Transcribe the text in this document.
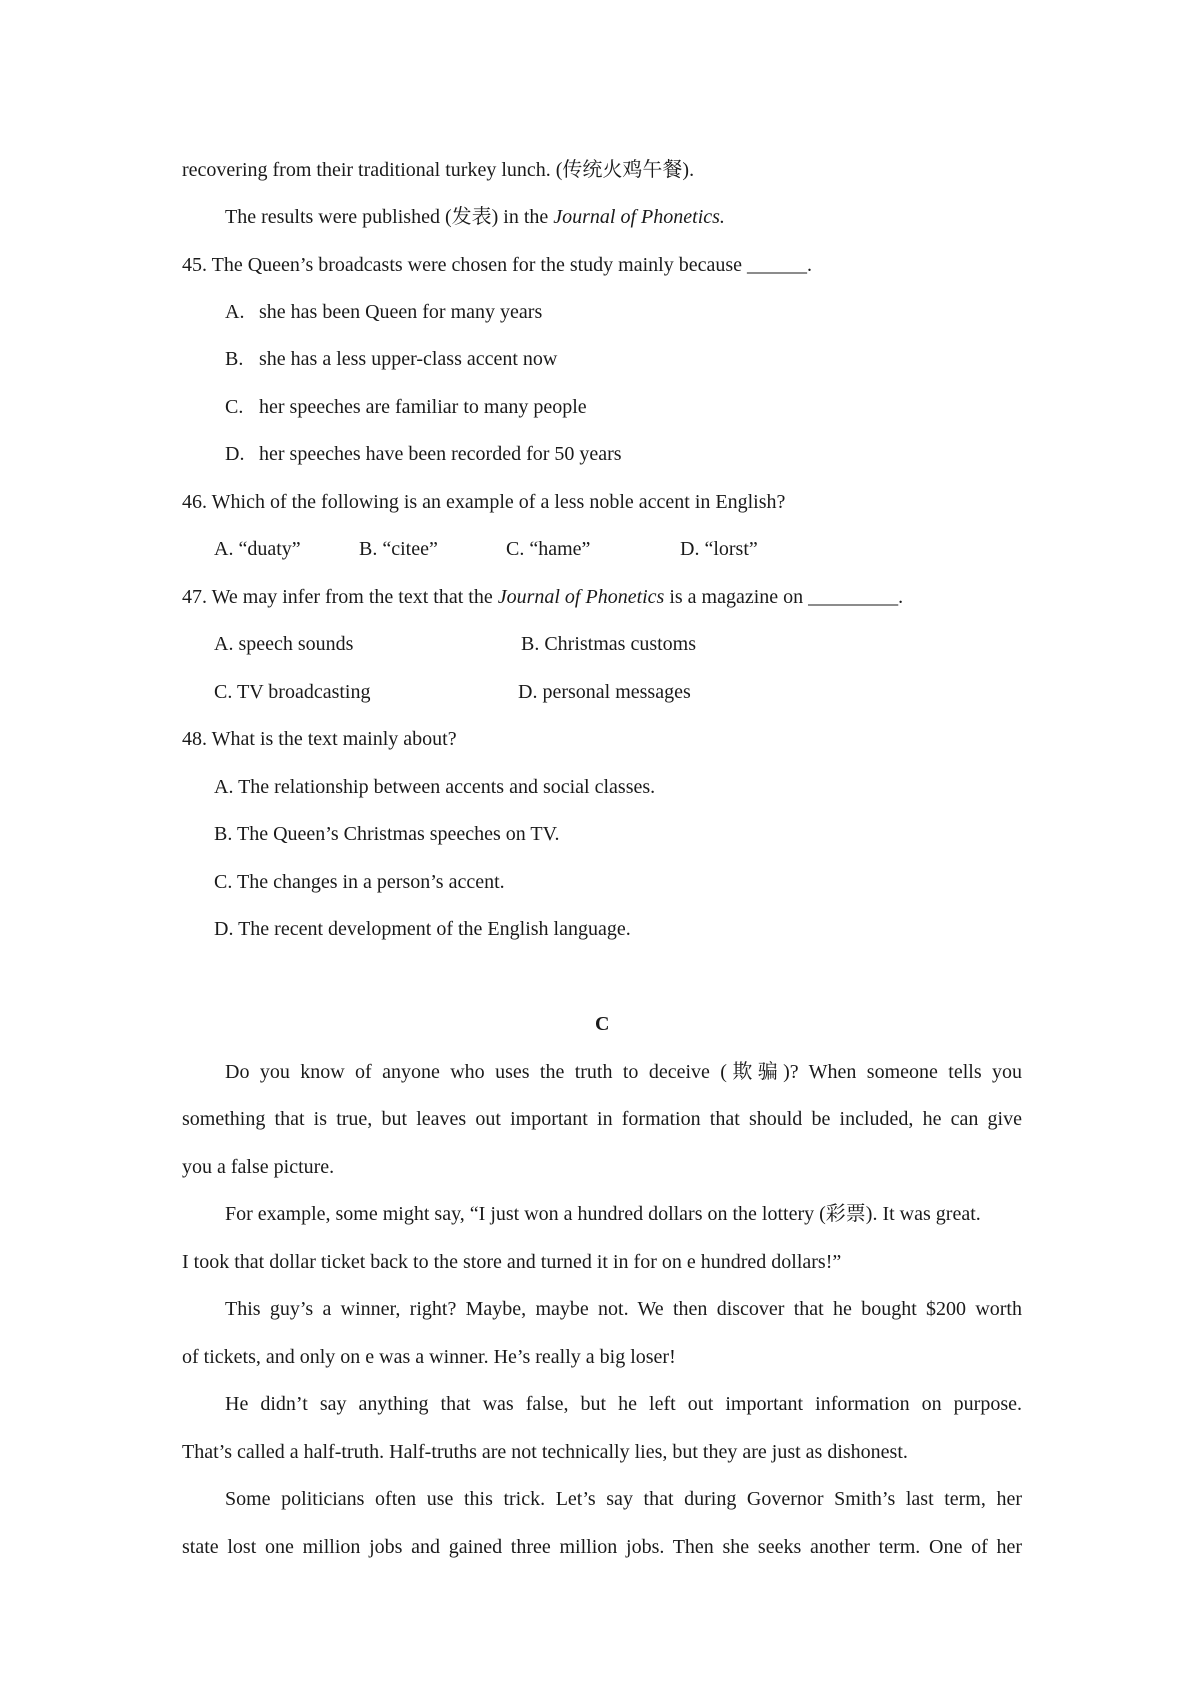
recovering from their traditional turkey lunch. (传统火鸡午餐).
The results were published (发表) in the Journal of Phonetics.
45. The Queen’s broadcasts were chosen for the study mainly because ______.
A. she has been Queen for many years
B. she has a less upper-class accent now
C. her speeches are familiar to many people
D. her speeches have been recorded for 50 years
46. Which of the following is an example of a less noble accent in English?
A. “duaty”	B. “citee”	C. “hame”	D. “lorst”
47. We may infer from the text that the Journal of Phonetics is a magazine on _________.
A. speech sounds	B. Christmas customs
C. TV broadcasting	D. personal messages
48. What is the text mainly about?
A. The relationship between accents and social classes.
B. The Queen’s Christmas speeches on TV.
C. The changes in a person’s accent.
D. The recent development of the English language.
C
Do you know of anyone who uses the truth to deceive (欺骗)? When someone tells you
something that is true, but leaves out important in formation that should be included, he can give
you a false picture.
For example, some might say, “I just won a hundred dollars on the lottery (彩票). It was great.
I took that dollar ticket back to the store and turned it in for on e hundred dollars!”
This guy’s a winner, right? Maybe, maybe not. We then discover that he bought $200 worth
of tickets, and only on e was a winner. He’s really a big loser!
He didn’t say anything that was false, but he left out important information on purpose.
That’s called a half-truth. Half-truths are not technically lies, but they are just as dishonest.
Some politicians often use this trick. Let’s say that during Governor Smith’s last term, her
state lost one million jobs and gained three million jobs. Then she seeks another term. One of her
